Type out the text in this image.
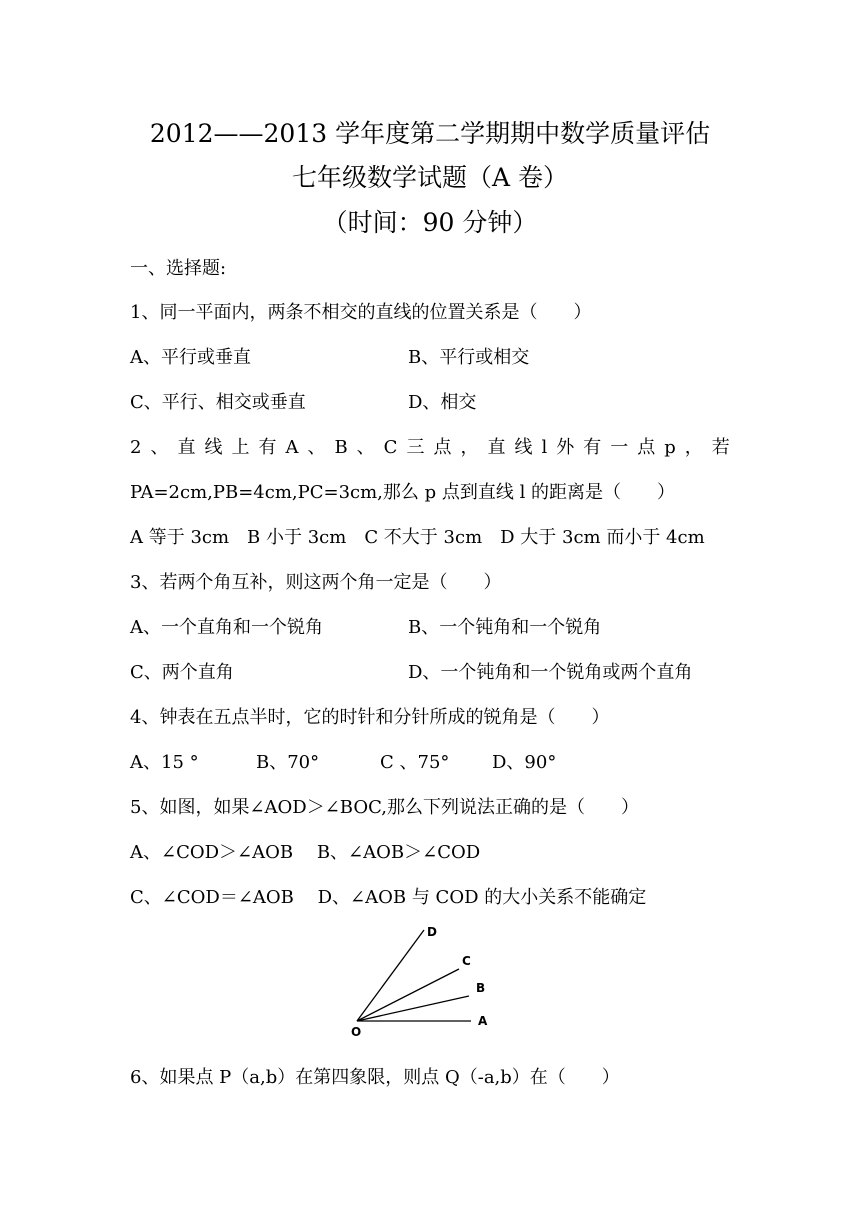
2012——2013 学年度第二学期期中数学质量评估
七年级数学试题（A 卷）
（时间：90 分钟）
一、选择题:
1、同一平面内，两条不相交的直线的位置关系是（　　）
A、平行或垂直	B、平行或相交
C、平行、相交或垂直	D、相交
2、直线上有A、B、C三点，直线l外有一点p，若
PA=2cm,PB=4cm,PC=3cm,那么 p 点到直线 l 的距离是（　　）
A 等于 3cm　B 小于 3cm　C 不大于 3cm　D 大于 3cm 而小于 4cm
3、若两个角互补，则这两个角一定是（　　）
A、一个直角和一个锐角	B、一个钝角和一个锐角
C、两个直角	D、一个钝角和一个锐角或两个直角
4、钟表在五点半时，它的时针和分针所成的锐角是（　　）
A、15 °	B、70°	C 、75° D、90°
5、如图，如果∠AOD＞∠BOC,那么下列说法正确的是（　　）
A、∠COD＞∠AOB　 B、∠AOB＞∠COD
C、∠COD＝∠AOB　 D、∠AOB 与 COD 的大小关系不能确定
O
A
B
C
D
6、如果点 P（a,b）在第四象限，则点 Q（-a,b）在（　　）
